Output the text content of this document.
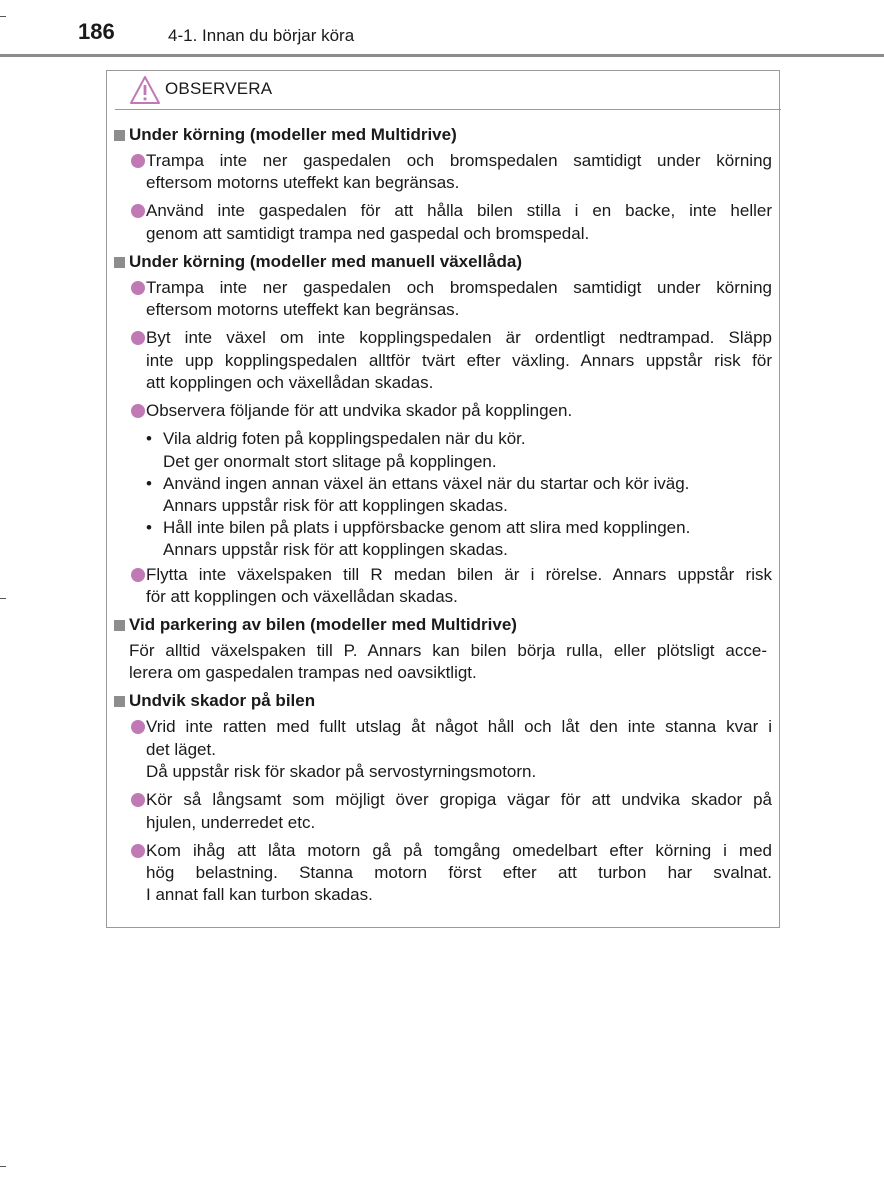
186	4-1. Innan du börjar köra
OBSERVERA
Under körning (modeller med Multidrive)
Trampa inte ner gaspedalen och bromspedalen samtidigt under körning
eftersom motorns uteffekt kan begränsas.
Använd inte gaspedalen för att hålla bilen stilla i en backe, inte heller
genom att samtidigt trampa ned gaspedal och bromspedal.
Under körning (modeller med manuell växellåda)
Trampa inte ner gaspedalen och bromspedalen samtidigt under körning
eftersom motorns uteffekt kan begränsas.
Byt inte växel om inte kopplingspedalen är ordentligt nedtrampad. Släpp
inte upp kopplingspedalen alltför tvärt efter växling. Annars uppstår risk för
att kopplingen och växellådan skadas.
Observera följande för att undvika skador på kopplingen.
• Vila aldrig foten på kopplingspedalen när du kör.
Det ger onormalt stort slitage på kopplingen.
• Använd ingen annan växel än ettans växel när du startar och kör iväg.
Annars uppstår risk för att kopplingen skadas.
• Håll inte bilen på plats i uppförsbacke genom att slira med kopplingen.
Annars uppstår risk för att kopplingen skadas.
Flytta inte växelspaken till R medan bilen är i rörelse. Annars uppstår risk
för att kopplingen och växellådan skadas.
Vid parkering av bilen (modeller med Multidrive)
För alltid växelspaken till P. Annars kan bilen börja rulla, eller plötsligt acce-
lerera om gaspedalen trampas ned oavsiktligt.
Undvik skador på bilen
Vrid inte ratten med fullt utslag åt något håll och låt den inte stanna kvar i
det läget.
Då uppstår risk för skador på servostyrningsmotorn.
Kör så långsamt som möjligt över gropiga vägar för att undvika skador på
hjulen, underredet etc.
Kom ihåg att låta motorn gå på tomgång omedelbart efter körning i med
hög belastning. Stanna motorn först efter att turbon har svalnat.
I annat fall kan turbon skadas.
